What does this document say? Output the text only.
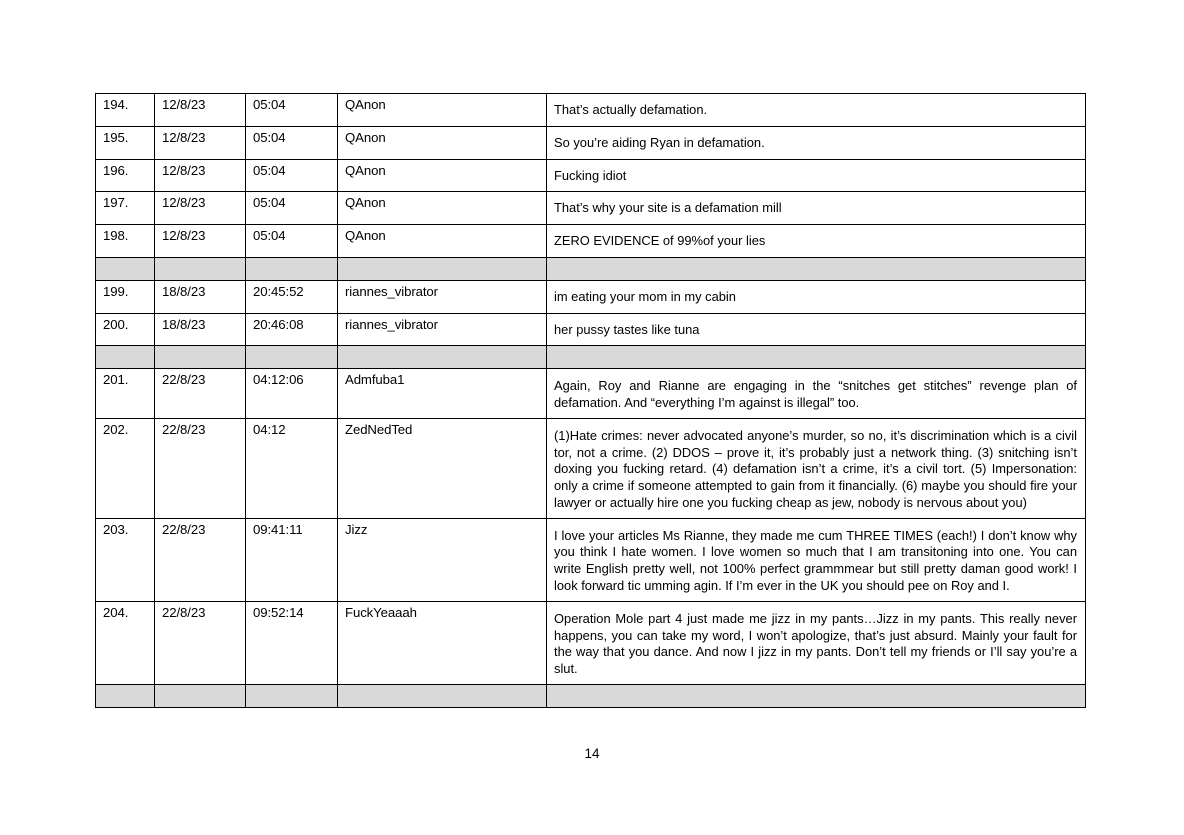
194.	12/8/23	05:04	QAnon	That’s actually defamation.
195.	12/8/23	05:04	QAnon	So you’re aiding Ryan in defamation.
196.	12/8/23	05:04	QAnon	Fucking idiot
197.	12/8/23	05:04	QAnon	That’s why your site is a defamation mill
198.	12/8/23	05:04	QAnon	ZERO EVIDENCE of 99%of your lies

199.	18/8/23	20:45:52	riannes_vibrator	im eating your mom in my cabin
200.	18/8/23	20:46:08	riannes_vibrator	her pussy tastes like tuna

201.	22/8/23	04:12:06	Admfuba1	Again, Roy and Rianne are engaging in the “snitches get stitches” revenge plan of defamation. And “everything I’m against is illegal” too.
202.	22/8/23	04:12	ZedNedTed	(1)Hate crimes: never advocated anyone’s murder, so no, it’s discrimination which is a civil tor, not a crime. (2) DDOS – prove it, it’s probably just a network thing. (3) snitching isn’t doxing you fucking retard. (4) defamation isn’t a crime, it’s a civil tort. (5) Impersonation: only a crime if someone attempted to gain from it financially. (6) maybe you should fire your lawyer or actually hire one you fucking cheap as jew, nobody is nervous about you)
203.	22/8/23	09:41:11	Jizz	I love your articles Ms Rianne, they made me cum THREE TIMES (each!) I don’t know why you think I hate women. I love women so much that I am transitoning into one. You can write English pretty well, not 100% perfect grammmear but still pretty daman good work! I look forward tic umming agin. If I’m ever in the UK you should pee on Roy and I.
204.	22/8/23	09:52:14	FuckYeaaah	Operation Mole part 4 just made me jizz in my pants…Jizz in my pants. This really never happens, you can take my word, I won’t apologize, that’s just absurd. Mainly your fault for the way that you dance. And now I jizz in my pants. Don’t tell my friends or I’ll say you’re a slut.

14
